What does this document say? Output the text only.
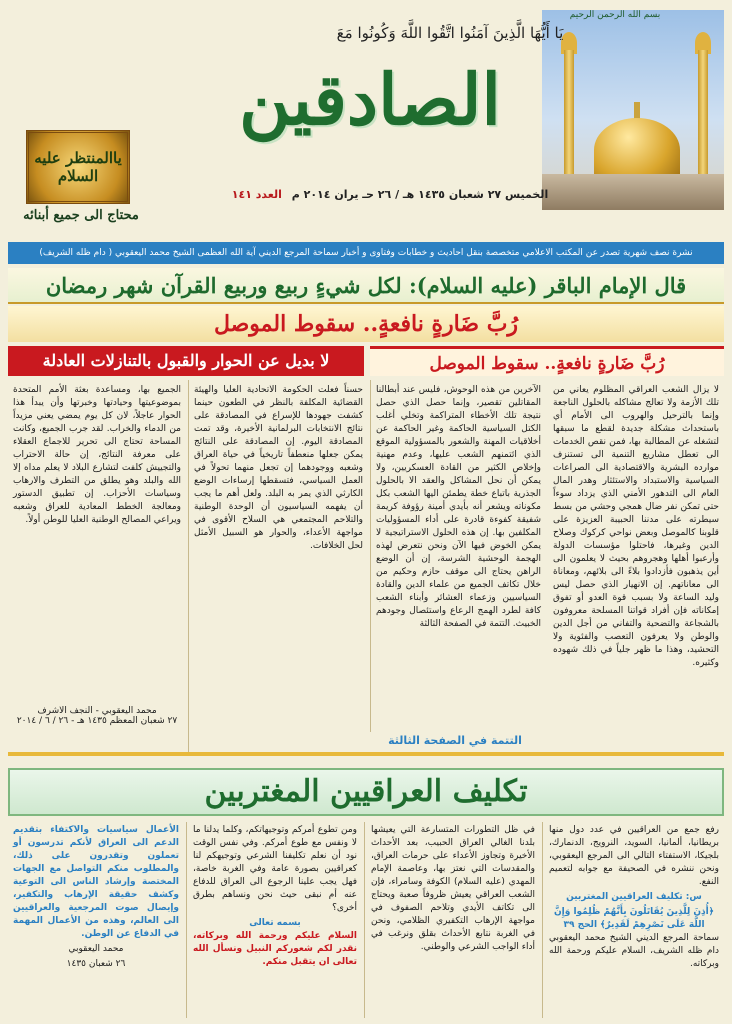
بسم الله الرحمن الرحيم
يَا أَيُّهَا الَّذِينَ آمَنُوا اتَّقُوا اللَّهَ وَكُونُوا مَعَ
الصادقين
الخميس ٢٧ شعبان ١٤٣٥ هـ / ٢٦ حـ يران ٢٠١٤ م العدد ١٤١
ياالمنتظر عليه السلام
محتاج الى جميع أبنائه
نشرة نصف شهرية تصدر عن المكتب الاعلامي متخصصة بنقل احاديث و خطابات وفتاوى و أخبار سماحة المرجع الديني آية الله العظمى الشيخ محمد اليعقوبي ( دام ظله الشريف)
قال الإمام الباقر (عليه السلام): لكل شيءٍ ربيع وربيع القرآن شهر رمضان
رُبَّ ضَارةٍ نافعةٍ.. سقوط الموصل
رُبَّ ضَارةٍ نافعةٍ.. سقوط الموصل
لا بديل عن الحوار والقبول بالتنازلات العادلة
لا يزال الشعب العراقي المظلوم يعاني من تلك الأزمة ولا تعالج مشاكله بالحلول الناجعة وإنما بالترحيل والهروب الى الأمام أي باستحداث مشكلة جديدة لقطع ما سبقها لتشغله عن المطالبة بها، فمن نقص الخدمات الى تعطل مشاريع التنمية الى تستنزف موارده البشرية والاقتصادية الى الصراعات السياسية والاستبداد والاستئثار وهدر المال العام الى التدهور الأمني الذي يزداد سوءاً حتى تمكن نفر ضال همجي وحشي من بسط سيطرته على مدننا الحبيبة العزيزة على قلوبنا كالموصل وبعض نواحي كركوك وصلاح الدين وغيرها، فاحتلوا مؤسسات الدولة وأرعبوا أهلها وهجروهم بحيث لا يعلمون الى أين يذهبون فأزدادوا بلاءً الى بلائهم، ومعاناة الى معاناتهم. إن الانهيار الذي حصل ليس وليد الساعة ولا بسبب قوة العدو أو تفوق إمكاناته فإن أفراد قواتنا المسلحة معروفون بالشجاعة والتضحية والتفاني من أجل الدين والوطن ولا يعرفون التعصب والفئوية ولا التحشيد، وهذا ما ظهر جلياً في ذلك شهوده وكثيره.
الآخرين من هذه الوحوش، فليس عند أبطالنا المقاتلين تقصير، وإنما حصل الذي حصل نتيجة تلك الأخطاء المتراكمة وتخلي أغلب الكتل السياسية الحاكمة وغير الحاكمة عن أخلاقيات المهنة والشعور بالمسؤولية الموقع الذي ائتمنهم الشعب عليها، وعدم مهنية وإخلاص الكثير من القادة العسكريين، ولا يمكن أن نحل المشاكل والعقد الا بالحلول الجذرية باتباع خطة يطمئن اليها الشعب بكل مكوناته ويشعر أنه بأيدي أمينة رؤوفة كريمة شفيقة كفوءة قادرة على أداء المسؤوليات المكلفين بها. إن هذه الحلول الاستراتيجية لا يمكن الخوض فيها الآن ونحن نتعرض لهذه الهجمة الوحشية الشرسة، إن أن الوضع الراهن يحتاج الى موقف حازم وحكيم من خلال تكاتف الجميع من علماء الدين والقادة السياسيين وزعماء العشائر وأبناء الشعب كافة لطرد الهمج الرعاع واستئصال وجودهم الخبيث. التتمة في الصفحة الثالثة
التتمة في الصفحة الثالثة
حسناً فعلت الحكومة الاتحادية العليا والهيئة القضائية المكلفة بالنظر في الطعون حينما كشفت جهودها للإسراع في المصادقة على نتائج الانتخابات البرلمانية الأخيرة، وقد تمت المصادقة اليوم. إن المصادقة على النتائج يمكن جعلها منعطفاً تاريخياً في حياة العراق وشعبه ووجودهما إن تجعل منهما تحولاً في العمل السياسي، فتسقطها إرساءات الوضع الكارثي الذي يمر به البلد. ولعل أهم ما يجب أن يفهمه السياسيون أن الوحدة الوطنية والتلاحم المجتمعي هي السلاح الأقوى في مواجهة الأعداء، والحوار هو السبيل الأمثل لحل الخلافات.
الجميع بها، ومساعدة بعثة الأمم المتحدة بموضوعيتها وحيادتها وخبرتها وأن يبدأ هذا الحوار عاجلاً، لان كل يوم يمضي يعني مزيداً من الدماء والخراب. لقد جرب الجميع، وكانت المساحة تحتاج الى تحرير للاجماع العقلاء على معرفة النتائج، إن حالة الاحتراب والتجييش كلفت لتشارع البلاد لا يعلم مداه إلا الله والبلد وهو يطلق من التطرف والارهاب وسياسات الأحزاب. إن تطبيق الدستور ومعالجة الخطط المعادية للعراق وشعبه ويراعي المصالح الوطنية العليا للوطن أولاً.
محمد اليعقوبي - النجف الاشرف
٢٧ شعبان المعظم ١٤٣٥ هـ - ٢٦ / ٦ / ٢٠١٤
تكليف العراقيين المغتربين
رفع جمع من العراقيين في عدد دول منها بريطانيا، ألمانيا، السويد، النرويج، الدنمارك، بلجيكا، الاستفتاء التالي الى المرجع اليعقوبي، ونحن ننشره في الصحيفة مع جوابه لتعميم النفع.
س: تكليف العراقيين المغتربين
﴿أُذِنَ لِلَّذِينَ يُقَاتَلُونَ بِأَنَّهُمْ ظُلِمُوا وَإِنَّ اللَّهَ عَلَى نَصْرِهِمْ لَقَدِيرٌ﴾ الحج ٣٩
سماحة المرجع الديني الشيخ محمد اليعقوبي دام ظله الشريف، السلام عليكم ورحمة الله وبركاته.
في ظل التطورات المتسارعة التي يعيشها بلدنا الغالي العراق الحبيب، بعد الأحداث الأخيرة وتجاوز الأعداء على حرمات العراق، والمقدسات التي نعتز بها، وعاصمة الإمام المهدي (عليه السلام) الكوفة وسامراء، فإن الشعب العراقي يعيش ظروفاً صعبة ويحتاج الى تكاتف الأيدي وتلاحم الصفوف في مواجهة الإرهاب التكفيري الظلامي، ونحن في الغربة نتابع الأحداث بقلق ونرغب في أداء الواجب الشرعي والوطني.
ومن تطوع أمركم وتوجيهاتكم، وكلما يدلنا ما لا ونفس مع طوع أمركم. وفي نفس الوقت نود أن نعلم تكليفنا الشرعي وتوجيهكم لنا كعراقيين بصورة عامة وفي الغربة خاصة، فهل يجب علينا الرجوع الى العراق للدفاع عنه أم نبقى حيث نحن ونساهم بطرق أخرى؟
بسمه تعالى
السلام عليكم ورحمة الله وبركاته، نقدر لكم شعوركم النبيل ونسأل الله تعالى ان يتقبل منكم.
الأعمال سياسيات والاكتفاء بتقديم الدعم الى العراق لأنكم تدرسون أو تعملون وتقدرون على ذلك، والمطلوب منكم التواصل مع الجهات المختصة وإرشاد الناس الى التوعية وكشف حقيقة الإرهاب والتكفير، وإيصال صوت المرجعية والعراقيين الى العالم، وهذه من الأعمال المهمة في الدفاع عن الوطن.
محمد اليعقوبي
٢٦ شعبان ١٤٣٥
